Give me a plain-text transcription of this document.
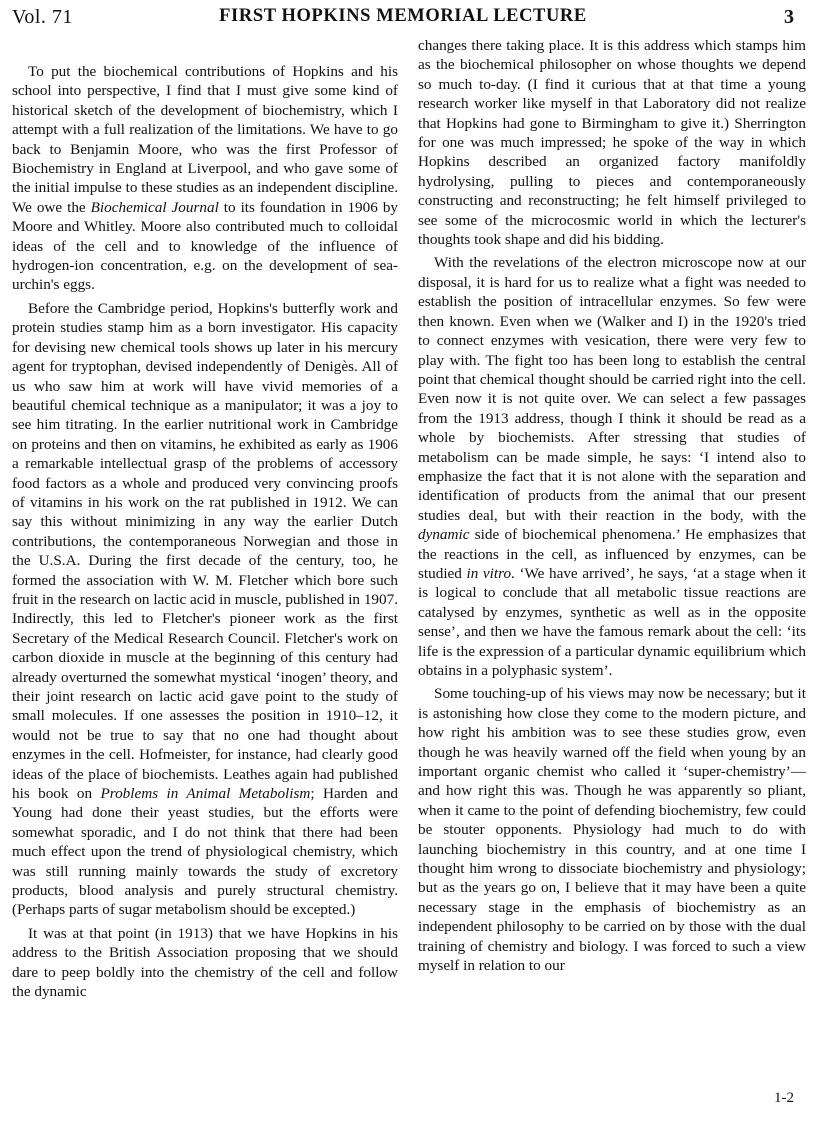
Vol. 71	FIRST HOPKINS MEMORIAL LECTURE	3

To put the biochemical contributions of Hopkins and his school into perspective, I find that I must give some kind of historical sketch of the development of biochemistry, which I attempt with a full realization of the limitations. We have to go back to Benjamin Moore, who was the first Professor of Biochemistry in England at Liverpool, and who gave some of the initial impulse to these studies as an independent discipline. We owe the Biochemical Journal to its foundation in 1906 by Moore and Whitley. Moore also contributed much to colloidal ideas of the cell and to knowledge of the influence of hydrogen-ion concentration, e.g. on the development of sea-urchin's eggs.

Before the Cambridge period, Hopkins's butterfly work and protein studies stamp him as a born investigator. His capacity for devising new chemical tools shows up later in his mercury agent for tryptophan, devised independently of Denigès. All of us who saw him at work will have vivid memories of a beautiful chemical technique as a manipulator; it was a joy to see him titrating. In the earlier nutritional work in Cambridge on proteins and then on vitamins, he exhibited as early as 1906 a remarkable intellectual grasp of the problems of accessory food factors as a whole and produced very convincing proofs of vitamins in his work on the rat published in 1912. We can say this without minimizing in any way the earlier Dutch contributions, the contemporaneous Norwegian and those in the U.S.A. During the first decade of the century, too, he formed the association with W. M. Fletcher which bore such fruit in the research on lactic acid in muscle, published in 1907. Indirectly, this led to Fletcher's pioneer work as the first Secretary of the Medical Research Council. Fletcher's work on carbon dioxide in muscle at the beginning of this century had already overturned the somewhat mystical ‘inogen’ theory, and their joint research on lactic acid gave point to the study of small molecules. If one assesses the position in 1910–12, it would not be true to say that no one had thought about enzymes in the cell. Hofmeister, for instance, had clearly good ideas of the place of biochemists. Leathes again had published his book on Problems in Animal Metabolism; Harden and Young had done their yeast studies, but the efforts were somewhat sporadic, and I do not think that there had been much effect upon the trend of physiological chemistry, which was still running mainly towards the study of excretory products, blood analysis and purely structural chemistry. (Perhaps parts of sugar metabolism should be excepted.)

It was at that point (in 1913) that we have Hopkins in his address to the British Association proposing that we should dare to peep boldly into the chemistry of the cell and follow the dynamic

changes there taking place. It is this address which stamps him as the biochemical philosopher on whose thoughts we depend so much to-day. (I find it curious that at that time a young research worker like myself in that Laboratory did not realize that Hopkins had gone to Birmingham to give it.) Sherrington for one was much impressed; he spoke of the way in which Hopkins described an organized factory manifoldly hydrolysing, pulling to pieces and contemporaneously constructing and reconstructing; he felt himself privileged to see some of the microcosmic world in which the lecturer's thoughts took shape and did his bidding.

With the revelations of the electron microscope now at our disposal, it is hard for us to realize what a fight was needed to establish the position of intracellular enzymes. So few were then known. Even when we (Walker and I) in the 1920's tried to connect enzymes with vesication, there were very few to play with. The fight too has been long to establish the central point that chemical thought should be carried right into the cell. Even now it is not quite over. We can select a few passages from the 1913 address, though I think it should be read as a whole by biochemists. After stressing that studies of metabolism can be made simple, he says: ‘I intend also to emphasize the fact that it is not alone with the separation and identification of products from the animal that our present studies deal, but with their reaction in the body, with the dynamic side of biochemical phenomena.’ He emphasizes that the reactions in the cell, as influenced by enzymes, can be studied in vitro. ‘We have arrived’, he says, ‘at a stage when it is logical to conclude that all metabolic tissue reactions are catalysed by enzymes, synthetic as well as in the opposite sense’, and then we have the famous remark about the cell: ‘its life is the expression of a particular dynamic equilibrium which obtains in a polyphasic system’.

Some touching-up of his views may now be necessary; but it is astonishing how close they come to the modern picture, and how right his ambition was to see these studies grow, even though he was heavily warned off the field when young by an important organic chemist who called it ‘super-chemistry’—and how right this was. Though he was apparently so pliant, when it came to the point of defending biochemistry, few could be stouter opponents. Physiology had much to do with launching biochemistry in this country, and at one time I thought him wrong to dissociate biochemistry and physiology; but as the years go on, I believe that it may have been a quite necessary stage in the emphasis of biochemistry as an independent philosophy to be carried on by those with the dual training of chemistry and biology. I was forced to such a view myself in relation to our

1-2
